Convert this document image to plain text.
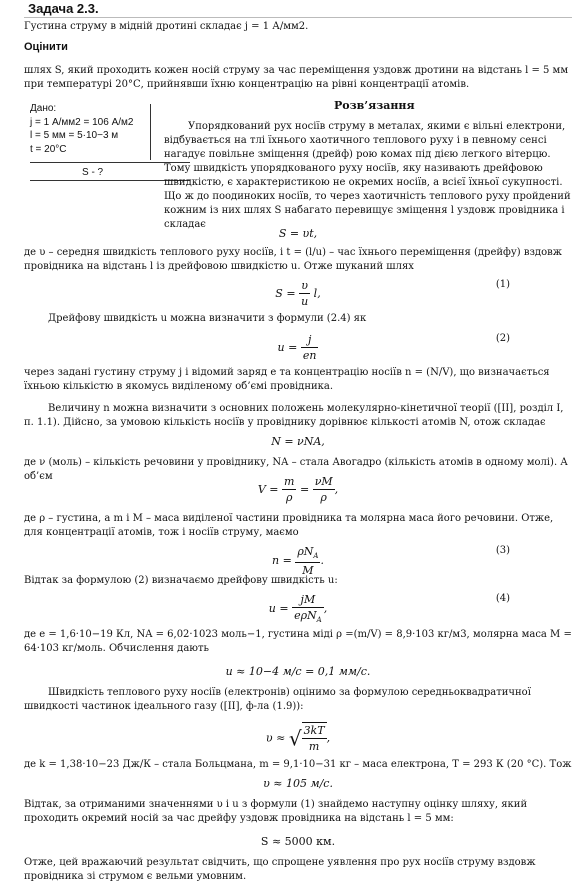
Задача 2.3.
Густина струму в мідній дротині складає j = 1 А/мм2.
Оцінити
шлях S, який проходить кожен носій струму за час переміщення уздовж дротини на відстань l = 5 мм при температурі 20°С, прийнявши їхню концентрацію на рівні концентрації атомів.
Дано:
j = 1 А/мм2 = 106 А/м2
l = 5 мм = 5·10−3 м
t = 20°С
S - ?
Розв’язання
Упорядкований рух носіїв струму в металах, якими є вільні електрони, відбувається на тлі їхнього хаотичного теплового руху і в певному сенсі нагадує повільне зміщення (дрейф) рою комах під дією легкого вітерцю. Тому швидкість упорядкованого руху носіїв, яку називають дрейфовою швидкістю, є характеристикою не окремих носіїв, а всієї їхньої сукупності. Що ж до поодиноких носіїв, то через хаотичність теплового руху пройдений кожним із них шлях S набагато перевищує зміщення l уздовж провідника і складає
S = υt,
де υ – середня швидкість теплового руху носіїв, і t = (l/u) – час їхнього переміщення (дрейфу) вздовж провідника на відстань l із дрейфовою швидкістю u. Отже шуканий шлях
$S = \frac{\upsilon}{u} l$,
(1)
Дрейфову швидкість u можна визначити з формули (2.4) як
$u = \frac{j}{en}$	(2)
через задані густину струму j і відомий заряд e та концентрацію носіїв n = (N/V), що визначається їхньою кількістю в якомусь виділеному об’ємі провідника.
Величину n можна визначити з основних положень молекулярно-кінетичної теорії ([ІІ], розділ І, п. 1.1). Дійсно, за умовою кількість носіїв у провіднику дорівнює кількості атомів N, отож складає
N = νNA,
де ν (моль) – кількість речовини у провіднику, NA – стала Авогадро (кількість атомів в одному молі). А об’єм
$V = \frac{m}{\rho} = \frac{\nu M}{\rho}$ ,
де ρ – густина, а m і M – маса виділеної частини провідника та молярна маса його речовини. Отже, для концентрації атомів, тож і носіїв струму, маємо
$n = \frac{\rho N_A}{M}$ .
(3)
Відтак за формулою (2) визначаємо дрейфову швидкість u:
$u = \frac{jM}{e\rho N_A}$ ,
(4)
де e = 1,6·10−19 Кл, NA = 6,02·1023 моль−1, густина міді ρ =(m/V) = 8,9·103 кг/м3, молярна маса M = 64·103 кг/моль. Обчислення дають
u ≈ 10−4 м/с = 0,1 мм/с.
Швидкість теплового руху носіїв (електронів) оцінимо за формулою середньоквадратичної швидкості частинок ідеального газу ([ІІ], ф-ла (1.9)):
υ ≈ √ $\frac{3kT}{m}$ ,
де k = 1,38·10−23 Дж/К – стала Больцмана, m = 9,1·10−31 кг – маса електрона, T = 293 К (20 °С). Тож
υ ≈ 105 м/с.
Відтак, за отриманими значеннями υ і u з формули (1) знайдемо наступну оцінку шляху, який проходить окремий носій за час дрейфу уздовж провідника на відстань l = 5 мм:
S ≈ 5000 км.
Отже, цей вражаючий результат свідчить, що спрощене уявлення про рух носіїв струму вздовж провідника зі струмом є вельми умовним.
